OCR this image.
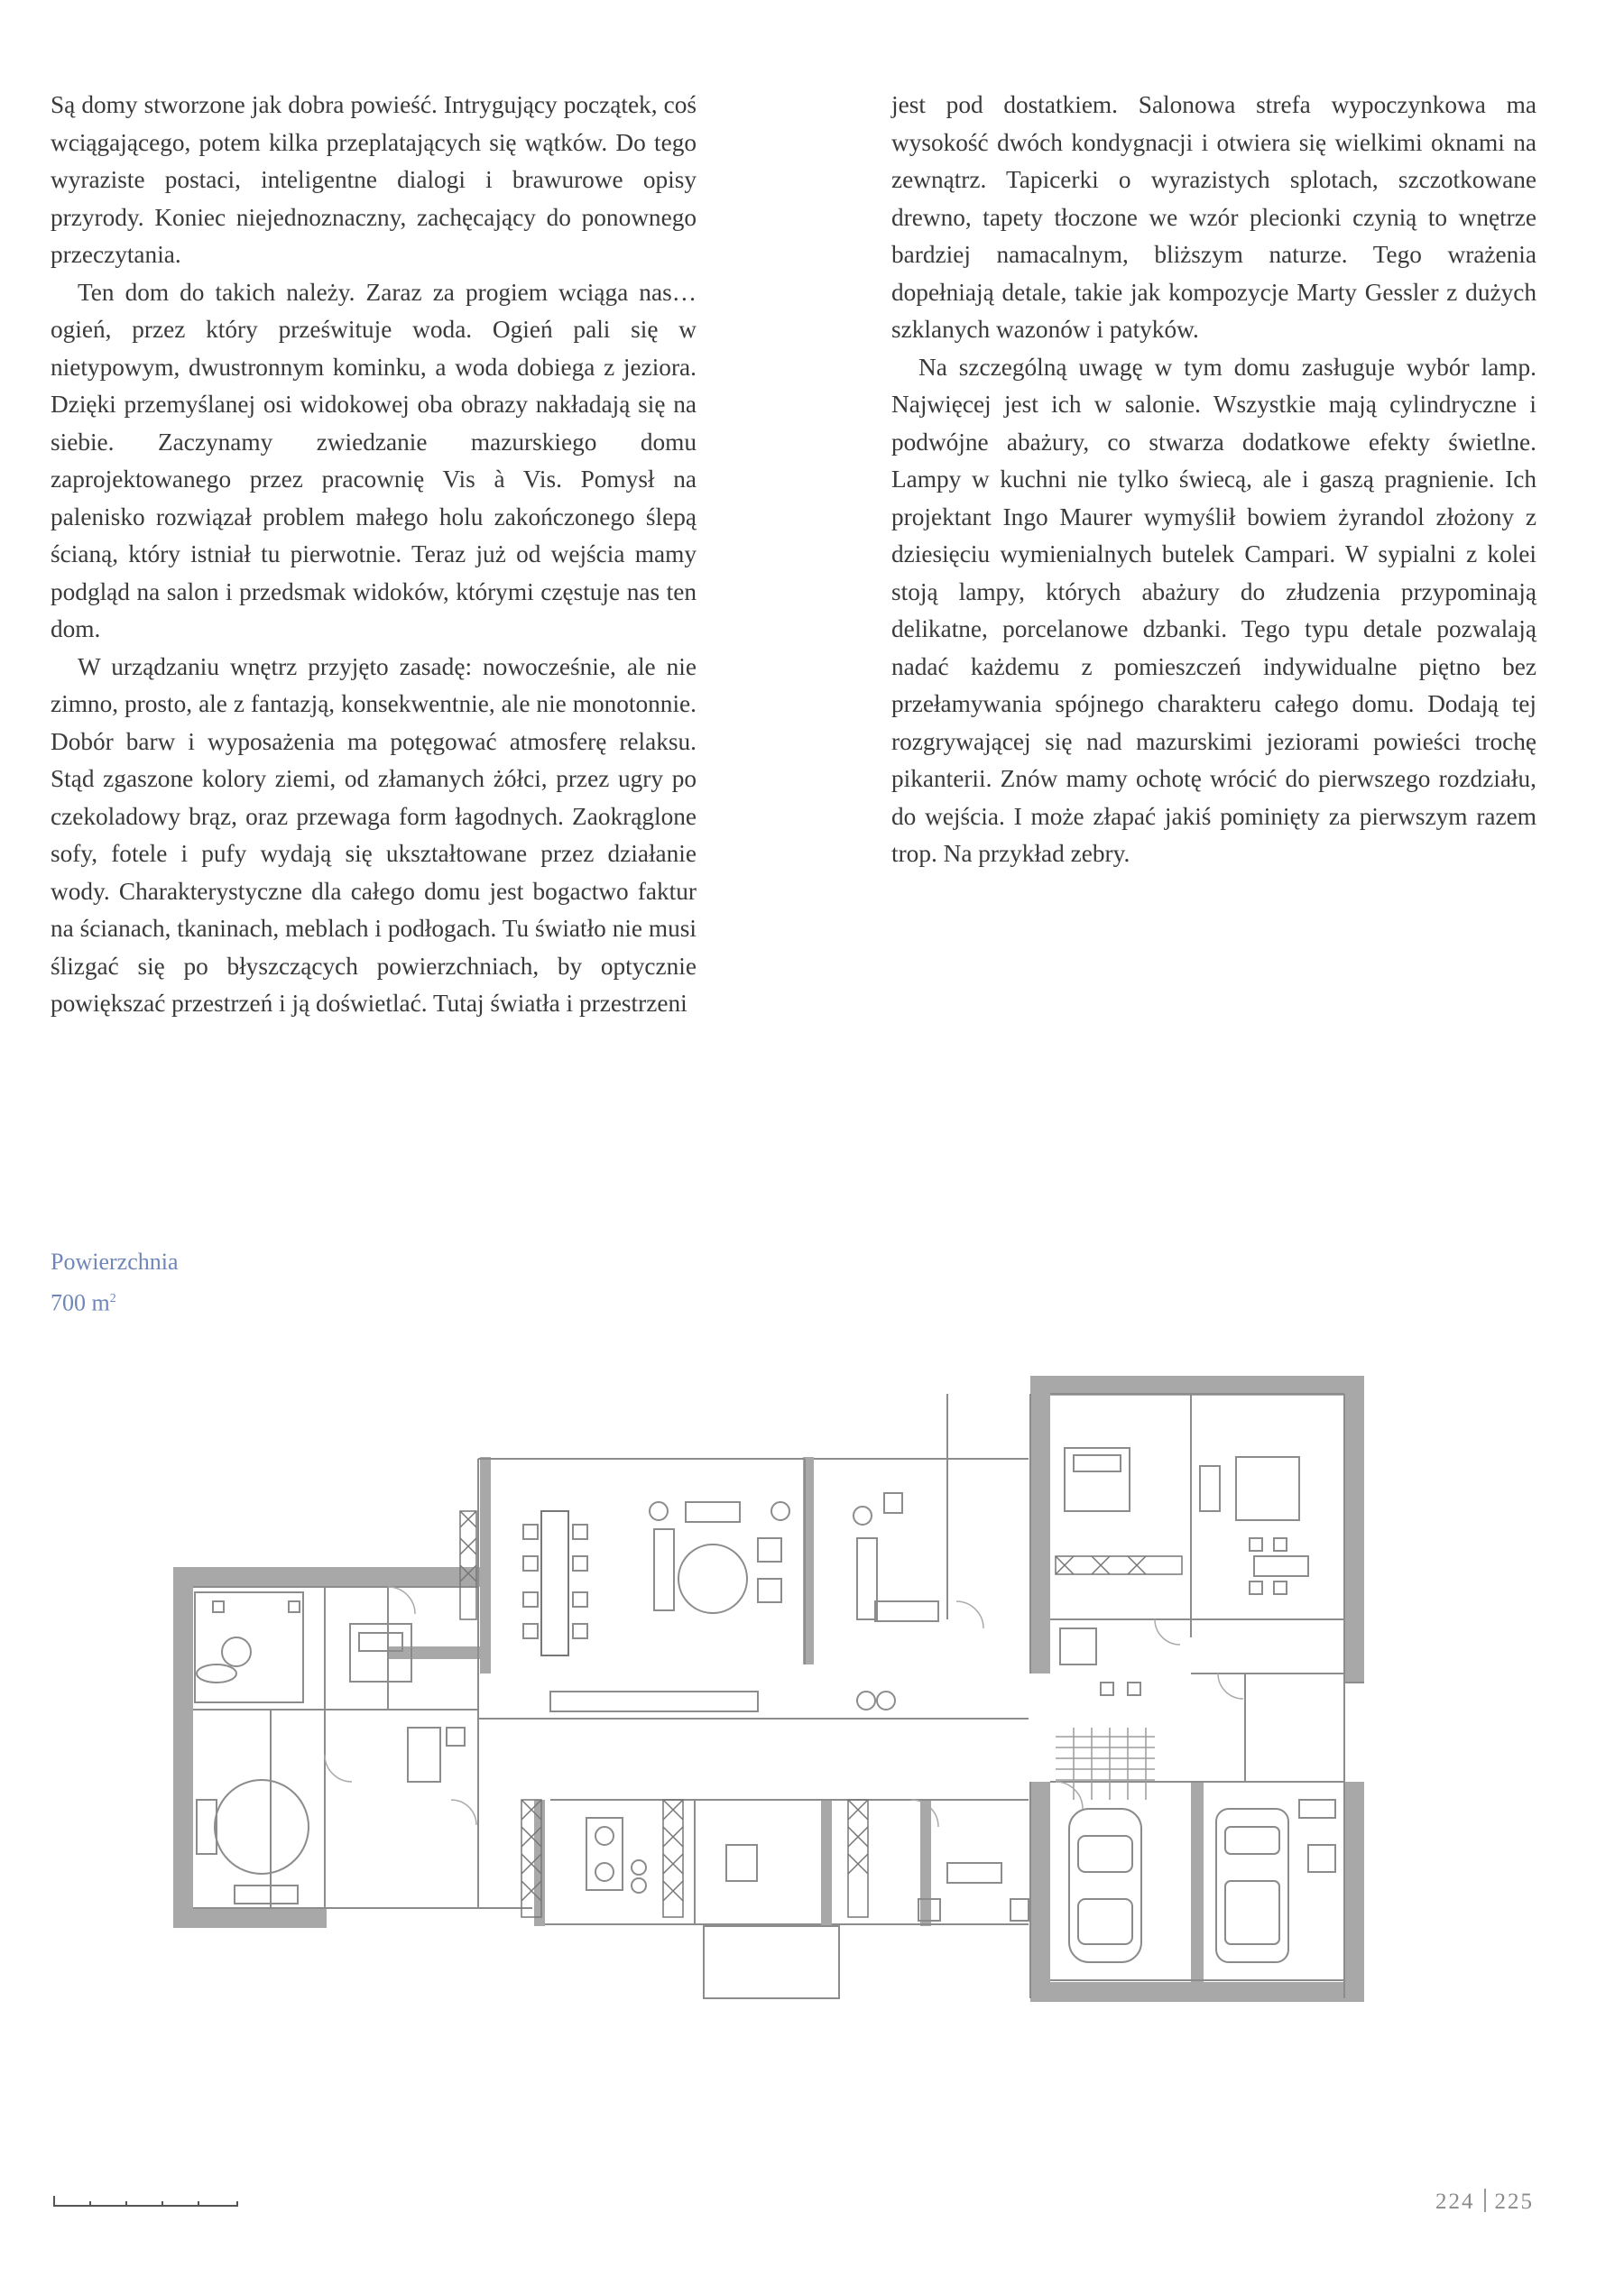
Są domy stworzone jak dobra powieść. Intrygujący początek, coś wciągającego, potem kilka przeplatających się wątków. Do tego wyraziste postaci, inteligentne dialogi i brawurowe opisy przyrody. Koniec niejednoznaczny, zachęcający do ponownego przeczytania.

Ten dom do takich należy. Zaraz za progiem wciąga nas… ogień, przez który prześwituje woda. Ogień pali się w nietypowym, dwustronnym kominku, a woda dobiega z jeziora. Dzięki przemyślanej osi widokowej oba obrazy nakładają się na siebie. Zaczynamy zwiedzanie mazurskiego domu zaprojektowanego przez pracownię Vis à Vis. Pomysł na palenisko rozwiązał problem małego holu zakończonego ślepą ścianą, który istniał tu pierwotnie. Teraz już od wejścia mamy podgląd na salon i przedsmak widoków, którymi częstuje nas ten dom.

W urządzaniu wnętrz przyjęto zasadę: nowocześnie, ale nie zimno, prosto, ale z fantazją, konsekwentnie, ale nie monotonnie. Dobór barw i wyposażenia ma potęgować atmosferę relaksu. Stąd zgaszone kolory ziemi, od złamanych żółci, przez ugry po czekoladowy brąz, oraz przewaga form łagodnych. Zaokrąglone sofy, fotele i pufy wydają się ukształtowane przez działanie wody. Charakterystyczne dla całego domu jest bogactwo faktur na ścianach, tkaninach, meblach i podłogach. Tu światło nie musi ślizgać się po błyszczących powierzchniach, by optycznie powiększać przestrzeń i ją doświetlać. Tutaj światła i przestrzeni

jest pod dostatkiem. Salonowa strefa wypoczynkowa ma wysokość dwóch kondygnacji i otwiera się wielkimi oknami na zewnątrz. Tapicerki o wyrazistych splotach, szczotkowane drewno, tapety tłoczone we wzór plecionki czynią to wnętrze bardziej namacalnym, bliższym naturze. Tego wrażenia dopełniają detale, takie jak kompozycje Marty Gessler z dużych szklanych wazonów i patyków.

Na szczególną uwagę w tym domu zasługuje wybór lamp. Najwięcej jest ich w salonie. Wszystkie mają cylindryczne i podwójne abażury, co stwarza dodatkowe efekty świetlne. Lampy w kuchni nie tylko świecą, ale i gaszą pragnienie. Ich projektant Ingo Maurer wymyślił bowiem żyrandol złożony z dziesięciu wymienialnych butelek Campari. W sypialni z kolei stoją lampy, których abażury do złudzenia przypominają delikatne, porcelanowe dzbanki. Tego typu detale pozwalają nadać każdemu z pomieszczeń indywidualne piętno bez przełamywania spójnego charakteru całego domu. Dodają tej rozgrywającej się nad mazurskimi jeziorami powieści trochę pikanterii. Znów mamy ochotę wrócić do pierwszego rozdziału, do wejścia. I może złapać jakiś pominięty za pierwszym razem trop. Na przykład zebry.

Powierzchnia
700 $m^2$
224 225
